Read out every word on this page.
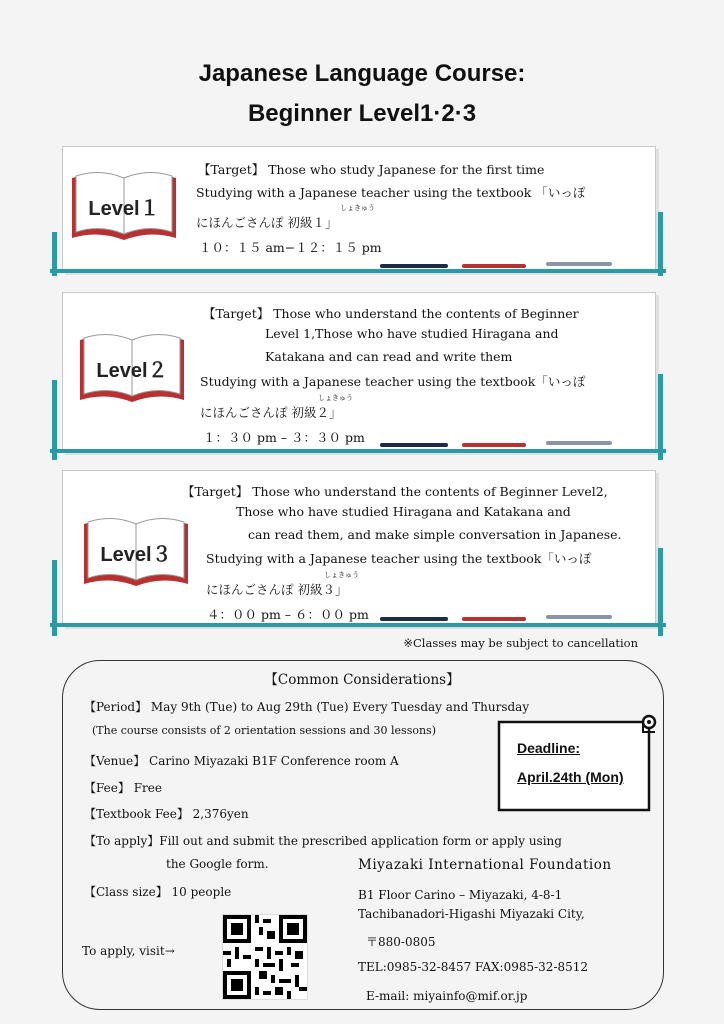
Japanese Language Course:
Beginner Level1·2·3
Level１
【Target】 Those who study Japanese for the first time
Studying with a Japanese teacher using the textbook 「いっぽ
しょきゅう
にほんごさんぽ 初級１」
１０：１５ am−１２：１５ pm
Level２
【Target】 Those who understand the contents of Beginner
Level 1,Those who have studied Hiragana and
Katakana and can read and write them
Studying with a Japanese teacher using the textbook「いっぽ
しょきゅう
にほんごさんぽ 初級２」
１：３０ pm – ３：３０ pm
Level３
【Target】 Those who understand the contents of Beginner Level2,
Those who have studied Hiragana and Katakana and
can read them, and make simple conversation in Japanese.
Studying with a Japanese teacher using the textbook「いっぽ
しょきゅう
にほんごさんぽ 初級３」
４：００ pm – ６：００ pm
※Classes may be subject to cancellation
【Common Considerations】
【Period】 May 9th (Tue) to Aug 29th (Tue) Every Tuesday and Thursday
(The course consists of 2 orientation sessions and 30 lessons)
【Venue】 Carino Miyazaki B1F Conference room A
【Fee】 Free
【Textbook Fee】 2,376yen
【To apply】Fill out and submit the prescribed application form or apply using
the Google form.
【Class size】 10 people
To apply, visit→
Deadline:
April.24th (Mon)
Miyazaki International Foundation
B1 Floor Carino – Miyazaki, 4-8-1
Tachibanadori-Higashi Miyazaki City,
〒880-0805
TEL:0985-32-8457 FAX:0985-32-8512
E-mail: miyainfo@mif.or.jp
